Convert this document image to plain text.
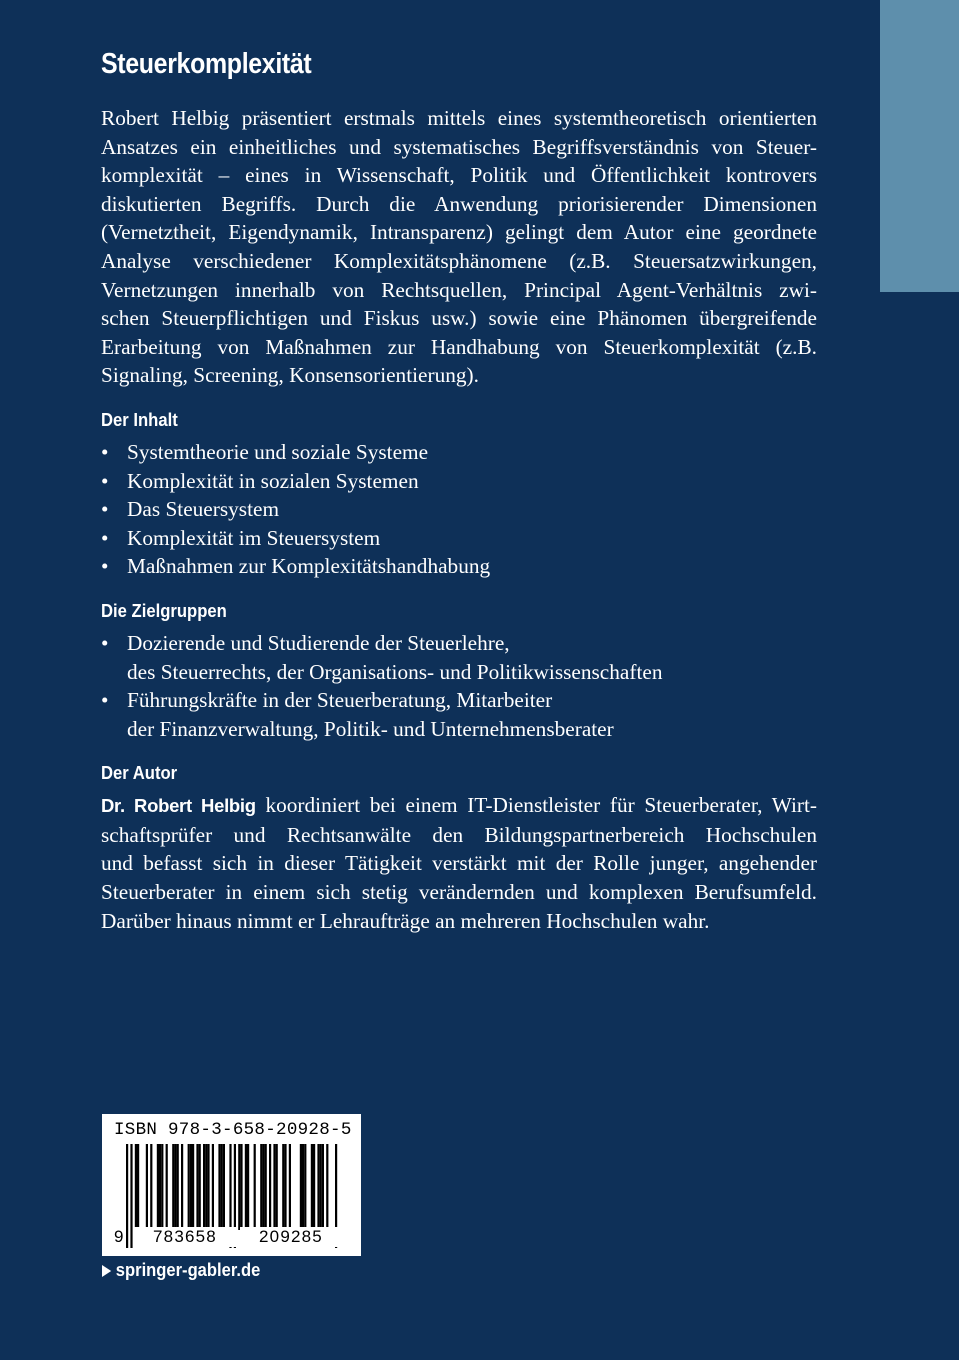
Steuerkomplexität
Robert Helbig präsentiert erstmals mittels eines systemtheoretisch orientierten
Ansatzes ein einheitliches und systematisches Begriffsverständnis von Steuer-
komplexität – eines in Wissenschaft, Politik und Öffentlichkeit kontrovers
diskutierten Begriffs. Durch die Anwendung priorisierender Dimensionen
(Vernetztheit, Eigendynamik, Intransparenz) gelingt dem Autor eine geordnete
Analyse verschiedener Komplexitätsphänomene (z.B. Steuersatzwirkungen,
Vernetzungen innerhalb von Rechtsquellen, Principal Agent-Verhältnis zwi-
schen Steuerpflichtigen und Fiskus usw.) sowie eine Phänomen übergreifende
Erarbeitung von Maßnahmen zur Handhabung von Steuerkomplexität (z.B.
Signaling, Screening, Konsensorientierung).
Der Inhalt
• Systemtheorie und soziale Systeme
• Komplexität in sozialen Systemen
• Das Steuersystem
• Komplexität im Steuersystem
• Maßnahmen zur Komplexitätshandhabung
Die Zielgruppen
• Dozierende und Studierende der Steuerlehre,
des Steuerrechts, der Organisations- und Politikwissenschaften
• Führungskräfte in der Steuerberatung, Mitarbeiter
der Finanzverwaltung, Politik- und Unternehmensberater
Der Autor
Dr. Robert Helbig koordiniert bei einem IT-Dienstleister für Steuerberater, Wirt-
schaftsprüfer und Rechtsanwälte den Bildungspartnerbereich Hochschulen
und befasst sich in dieser Tätigkeit verstärkt mit der Rolle junger, angehender
Steuerberater in einem sich stetig verändernden und komplexen Berufsumfeld.
Darüber hinaus nimmt er Lehraufträge an mehreren Hochschulen wahr.
ISBN 978-3-658-20928-5
9	783658	209285
springer-gabler.de
